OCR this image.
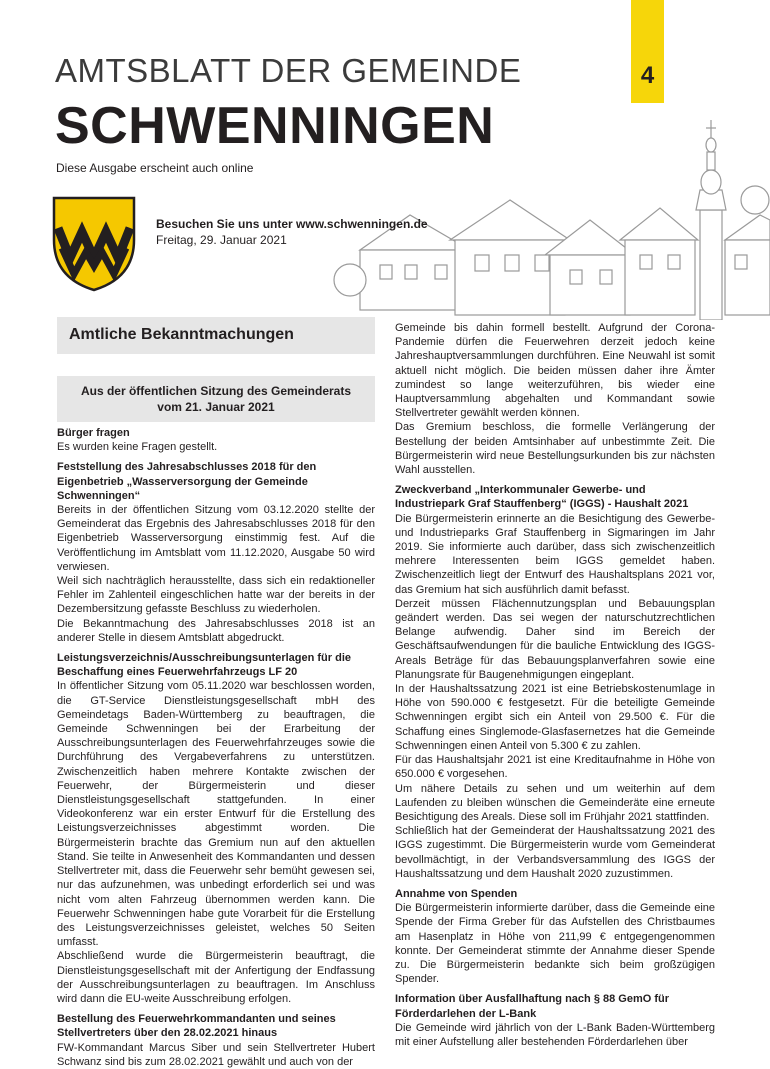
AMTSBLATT DER GEMEINDE
SCHWENNINGEN
Diese Ausgabe erscheint auch online
4
Besuchen Sie uns unter www.schwenningen.de
Freitag, 29. Januar 2021
Amtliche Bekanntmachungen
Aus der öffentlichen Sitzung des Gemeinderats
vom 21. Januar 2021
Bürger fragen

Es wurden keine Fragen gestellt.

Feststellung des Jahresabschlusses 2018 für den Eigenbetrieb „Wasserversorgung der Gemeinde Schwenningen“

Bereits in der öffentlichen Sitzung vom 03.12.2020 stellte der Gemeinderat das Ergebnis des Jahresabschlusses 2018 für den Eigenbetrieb Wasserversorgung einstimmig fest. Auf die Veröffentlichung im Amtsblatt vom 11.12.2020, Ausgabe 50 wird verwiesen.

Weil sich nachträglich herausstellte, dass sich ein redaktioneller Fehler im Zahlenteil eingeschlichen hatte war der bereits in der Dezembersitzung gefasste Beschluss zu wiederholen.

Die Bekanntmachung des Jahresabschlusses 2018 ist an anderer Stelle in diesem Amtsblatt abgedruckt.

Leistungsverzeichnis/Ausschreibungsunterlagen für die Beschaffung eines Feuerwehrfahrzeugs LF 20

In öffentlicher Sitzung vom 05.11.2020 war beschlossen worden, die GT-Service Dienstleistungsgesellschaft mbH des Gemeindetags Baden-Württemberg zu beauftragen, die Gemeinde Schwenningen bei der Erarbeitung der Ausschreibungsunterlagen des Feuerwehrfahrzeuges sowie die Durchführung des Vergabeverfahrens zu unterstützen. Zwischenzeitlich haben mehrere Kontakte zwischen der Feuerwehr, der Bürgermeisterin und dieser Dienstleistungsgesellschaft stattgefunden. In einer Videokonferenz war ein erster Entwurf für die Erstellung des Leistungsverzeichnisses abgestimmt worden. Die Bürgermeisterin brachte das Gremium nun auf den aktuellen Stand. Sie teilte in Anwesenheit des Kommandanten und dessen Stellvertreter mit, dass die Feuerwehr sehr bemüht gewesen sei, nur das aufzunehmen, was unbedingt erforderlich sei und was nicht vom alten Fahrzeug übernommen werden kann. Die Feuerwehr Schwenningen habe gute Vorarbeit für die Erstellung des Leistungsverzeichnisses geleistet, welches 50 Seiten umfasst.

Abschließend wurde die Bürgermeisterin beauftragt, die Dienstleistungsgesellschaft mit der Anfertigung der Endfassung der Ausschreibungsunterlagen zu beauftragen. Im Anschluss wird dann die EU-weite Ausschreibung erfolgen.

Bestellung des Feuerwehrkommandanten und seines Stellvertreters über den 28.02.2021 hinaus

FW-Kommandant Marcus Siber und sein Stellvertreter Hubert Schwanz sind bis zum 28.02.2021 gewählt und auch von der

Gemeinde bis dahin formell bestellt. Aufgrund der Corona-Pandemie dürfen die Feuerwehren derzeit jedoch keine Jahreshauptversammlungen durchführen. Eine Neuwahl ist somit aktuell nicht möglich. Die beiden müssen daher ihre Ämter zumindest so lange weiterzuführen, bis wieder eine Hauptversammlung abgehalten und Kommandant sowie Stellvertreter gewählt werden können.

Das Gremium beschloss, die formelle Verlängerung der Bestellung der beiden Amtsinhaber auf unbestimmte Zeit. Die Bürgermeisterin wird neue Bestellungsurkunden bis zur nächsten Wahl ausstellen.

Zweckverband „Interkommunaler Gewerbe- und Industriepark Graf Stauffenberg“ (IGGS) - Haushalt 2021

Die Bürgermeisterin erinnerte an die Besichtigung des Gewerbe- und Industrieparks Graf Stauffenberg in Sigmaringen im Jahr 2019. Sie informierte auch darüber, dass sich zwischenzeitlich mehrere Interessenten beim IGGS gemeldet haben. Zwischenzeitlich liegt der Entwurf des Haushaltsplans 2021 vor, das Gremium hat sich ausführlich damit befasst.

Derzeit müssen Flächennutzungsplan und Bebauungsplan geändert werden. Das sei wegen der naturschutzrechtlichen Belange aufwendig. Daher sind im Bereich der Geschäftsaufwendungen für die bauliche Entwicklung des IGGS-Areals Beträge für das Bebauungsplanverfahren sowie eine Planungsrate für Baugenehmigungen eingeplant.

In der Haushaltssatzung 2021 ist eine Betriebskostenumlage in Höhe von 590.000 € festgesetzt. Für die beteiligte Gemeinde Schwenningen ergibt sich ein Anteil von 29.500 €. Für die Schaffung eines Singlemode-Glasfasernetzes hat die Gemeinde Schwenningen einen Anteil von 5.300 € zu zahlen.

Für das Haushaltsjahr 2021 ist eine Kreditaufnahme in Höhe von 650.000 € vorgesehen.

Um nähere Details zu sehen und um weiterhin auf dem Laufenden zu bleiben wünschen die Gemeinderäte eine erneute Besichtigung des Areals. Diese soll im Frühjahr 2021 stattfinden.

Schließlich hat der Gemeinderat der Haushaltssatzung 2021 des IGGS zugestimmt. Die Bürgermeisterin wurde vom Gemeinderat bevollmächtigt, in der Verbandsversammlung des IGGS der Haushaltssatzung und dem Haushalt 2020 zuzustimmen.

Annahme von Spenden

Die Bürgermeisterin informierte darüber, dass die Gemeinde eine Spende der Firma Greber für das Aufstellen des Christbaumes am Hasenplatz in Höhe von 211,99 € entgegengenommen konnte. Der Gemeinderat stimmte der Annahme dieser Spende zu. Die Bürgermeisterin bedankte sich beim großzügigen Spender.

Information über Ausfallhaftung nach § 88 GemO für Förderdarlehen der L-Bank

Die Gemeinde wird jährlich von der L-Bank Baden-Württemberg mit einer Aufstellung aller bestehenden Förderdarlehen über
